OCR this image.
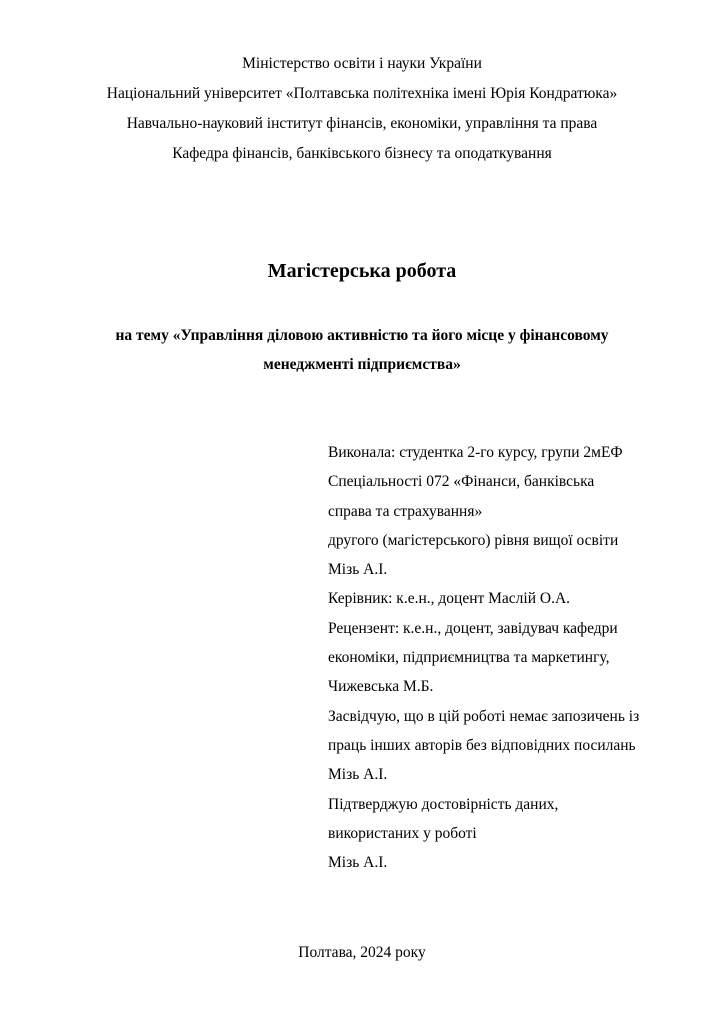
Міністерство освіти і науки України
Національний університет «Полтавська політехніка імені Юрія Кондратюка»
Навчально-науковий інститут фінансів, економіки, управління та права
Кафедра фінансів, банківського бізнесу та оподаткування
Магістерська робота
на тему «Управління діловою активністю та його місце у фінансовому
менеджменті підприємства»
Виконала: студентка 2-го курсу, групи 2мЕФ
Спеціальності 072 «Фінанси, банківська
справа та страхування»
другого (магістерського) рівня вищої освіти
Мізь А.І.
Керівник: к.е.н., доцент Маслій О.А.
Рецензент: к.е.н., доцент, завідувач кафедри
економіки, підприємництва та маркетингу,
Чижевська М.Б.
Засвідчую, що в цій роботі немає запозичень із
праць інших авторів без відповідних посилань
Мізь А.І.
Підтверджую достовірність даних,
використаних у роботі
Мізь А.І.
Полтава, 2024 року
